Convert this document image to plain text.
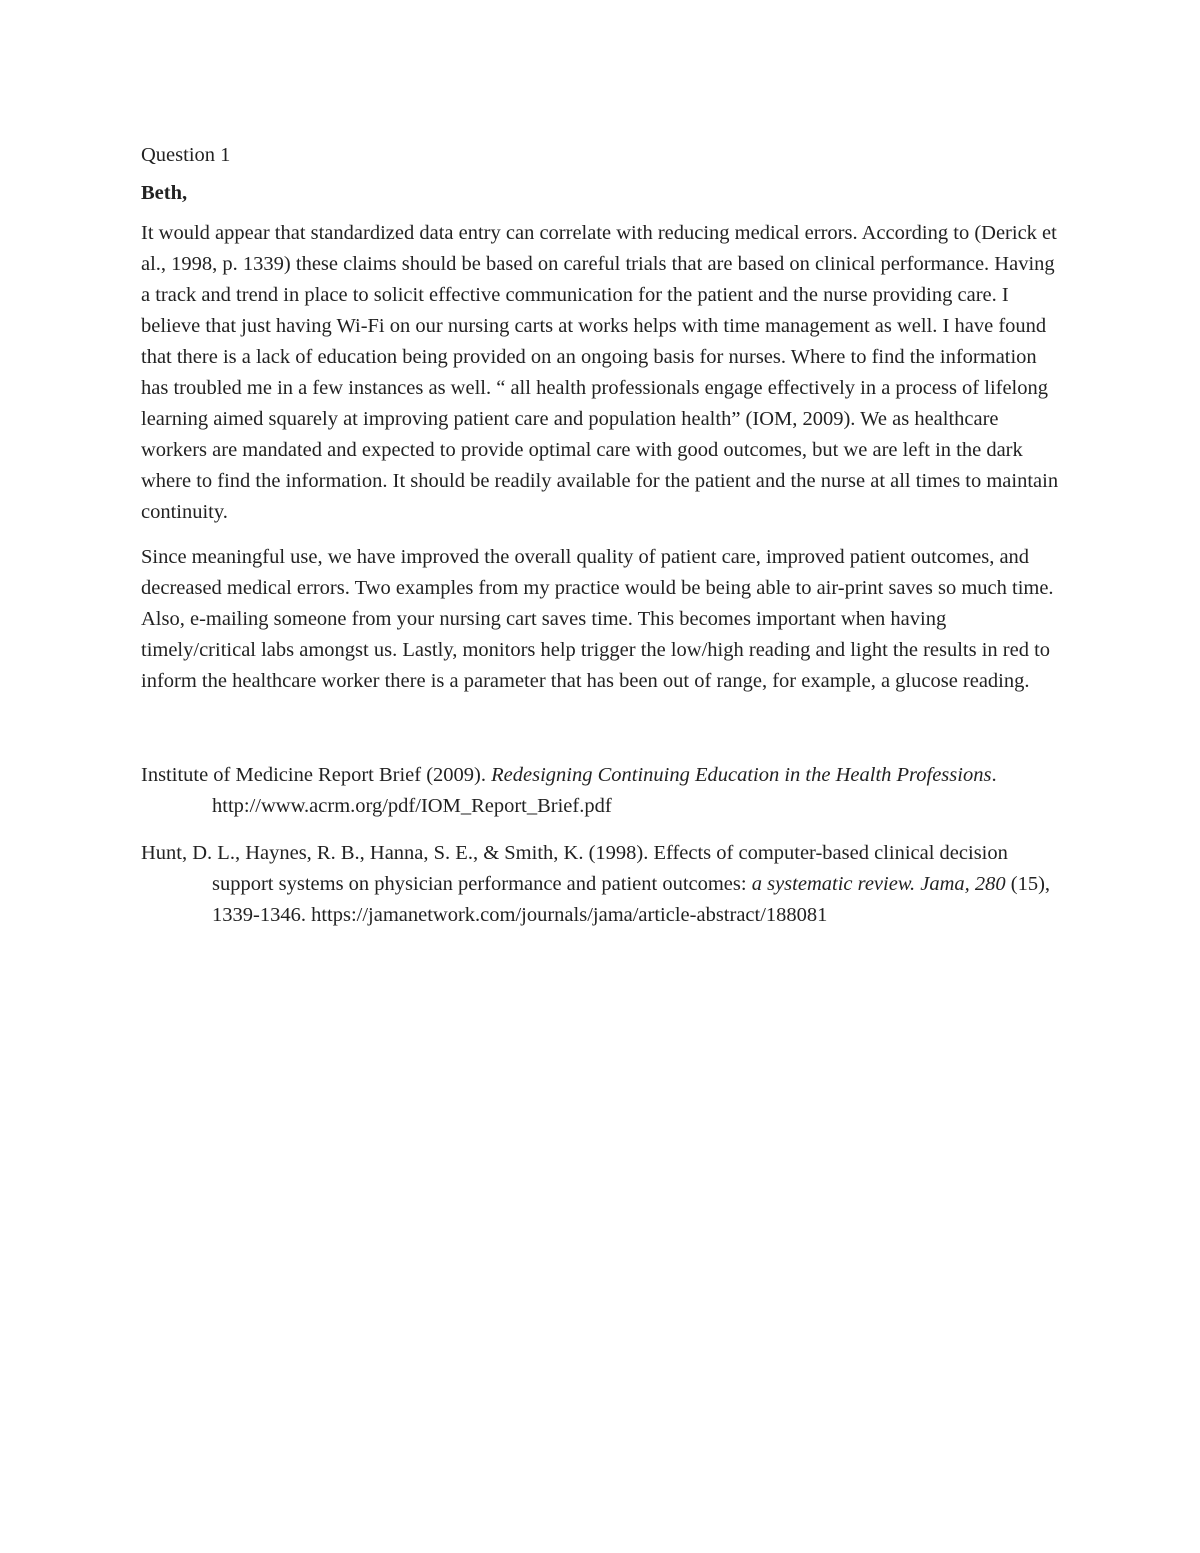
Question 1

Beth,

It would appear that standardized data entry can correlate with reducing medical errors. According to (Derick et al., 1998, p. 1339) these claims should be based on careful trials that are based on clinical performance. Having a track and trend in place to solicit effective communication for the patient and the nurse providing care. I believe that just having Wi-Fi on our nursing carts at works helps with time management as well. I have found that there is a lack of education being provided on an ongoing basis for nurses. Where to find the information has troubled me in a few instances as well. “ all health professionals engage effectively in a process of lifelong learning aimed squarely at improving patient care and population health” (IOM, 2009). We as healthcare workers are mandated and expected to provide optimal care with good outcomes, but we are left in the dark where to find the information. It should be readily available for the patient and the nurse at all times to maintain continuity.

Since meaningful use, we have improved the overall quality of patient care, improved patient outcomes, and decreased medical errors. Two examples from my practice would be being able to air-print saves so much time. Also, e-mailing someone from your nursing cart saves time. This becomes important when having timely/critical labs amongst us. Lastly, monitors help trigger the low/high reading and light the results in red to inform the healthcare worker there is a parameter that has been out of range, for example, a glucose reading.

Institute of Medicine Report Brief (2009). Redesigning Continuing Education in the Health Professions. http://www.acrm.org/pdf/IOM_Report_Brief.pdf

Hunt, D. L., Haynes, R. B., Hanna, S. E., & Smith, K. (1998). Effects of computer-based clinical decision support systems on physician performance and patient outcomes: a systematic review. Jama, 280 (15), 1339-1346. https://jamanetwork.com/journals/jama/article-abstract/188081
